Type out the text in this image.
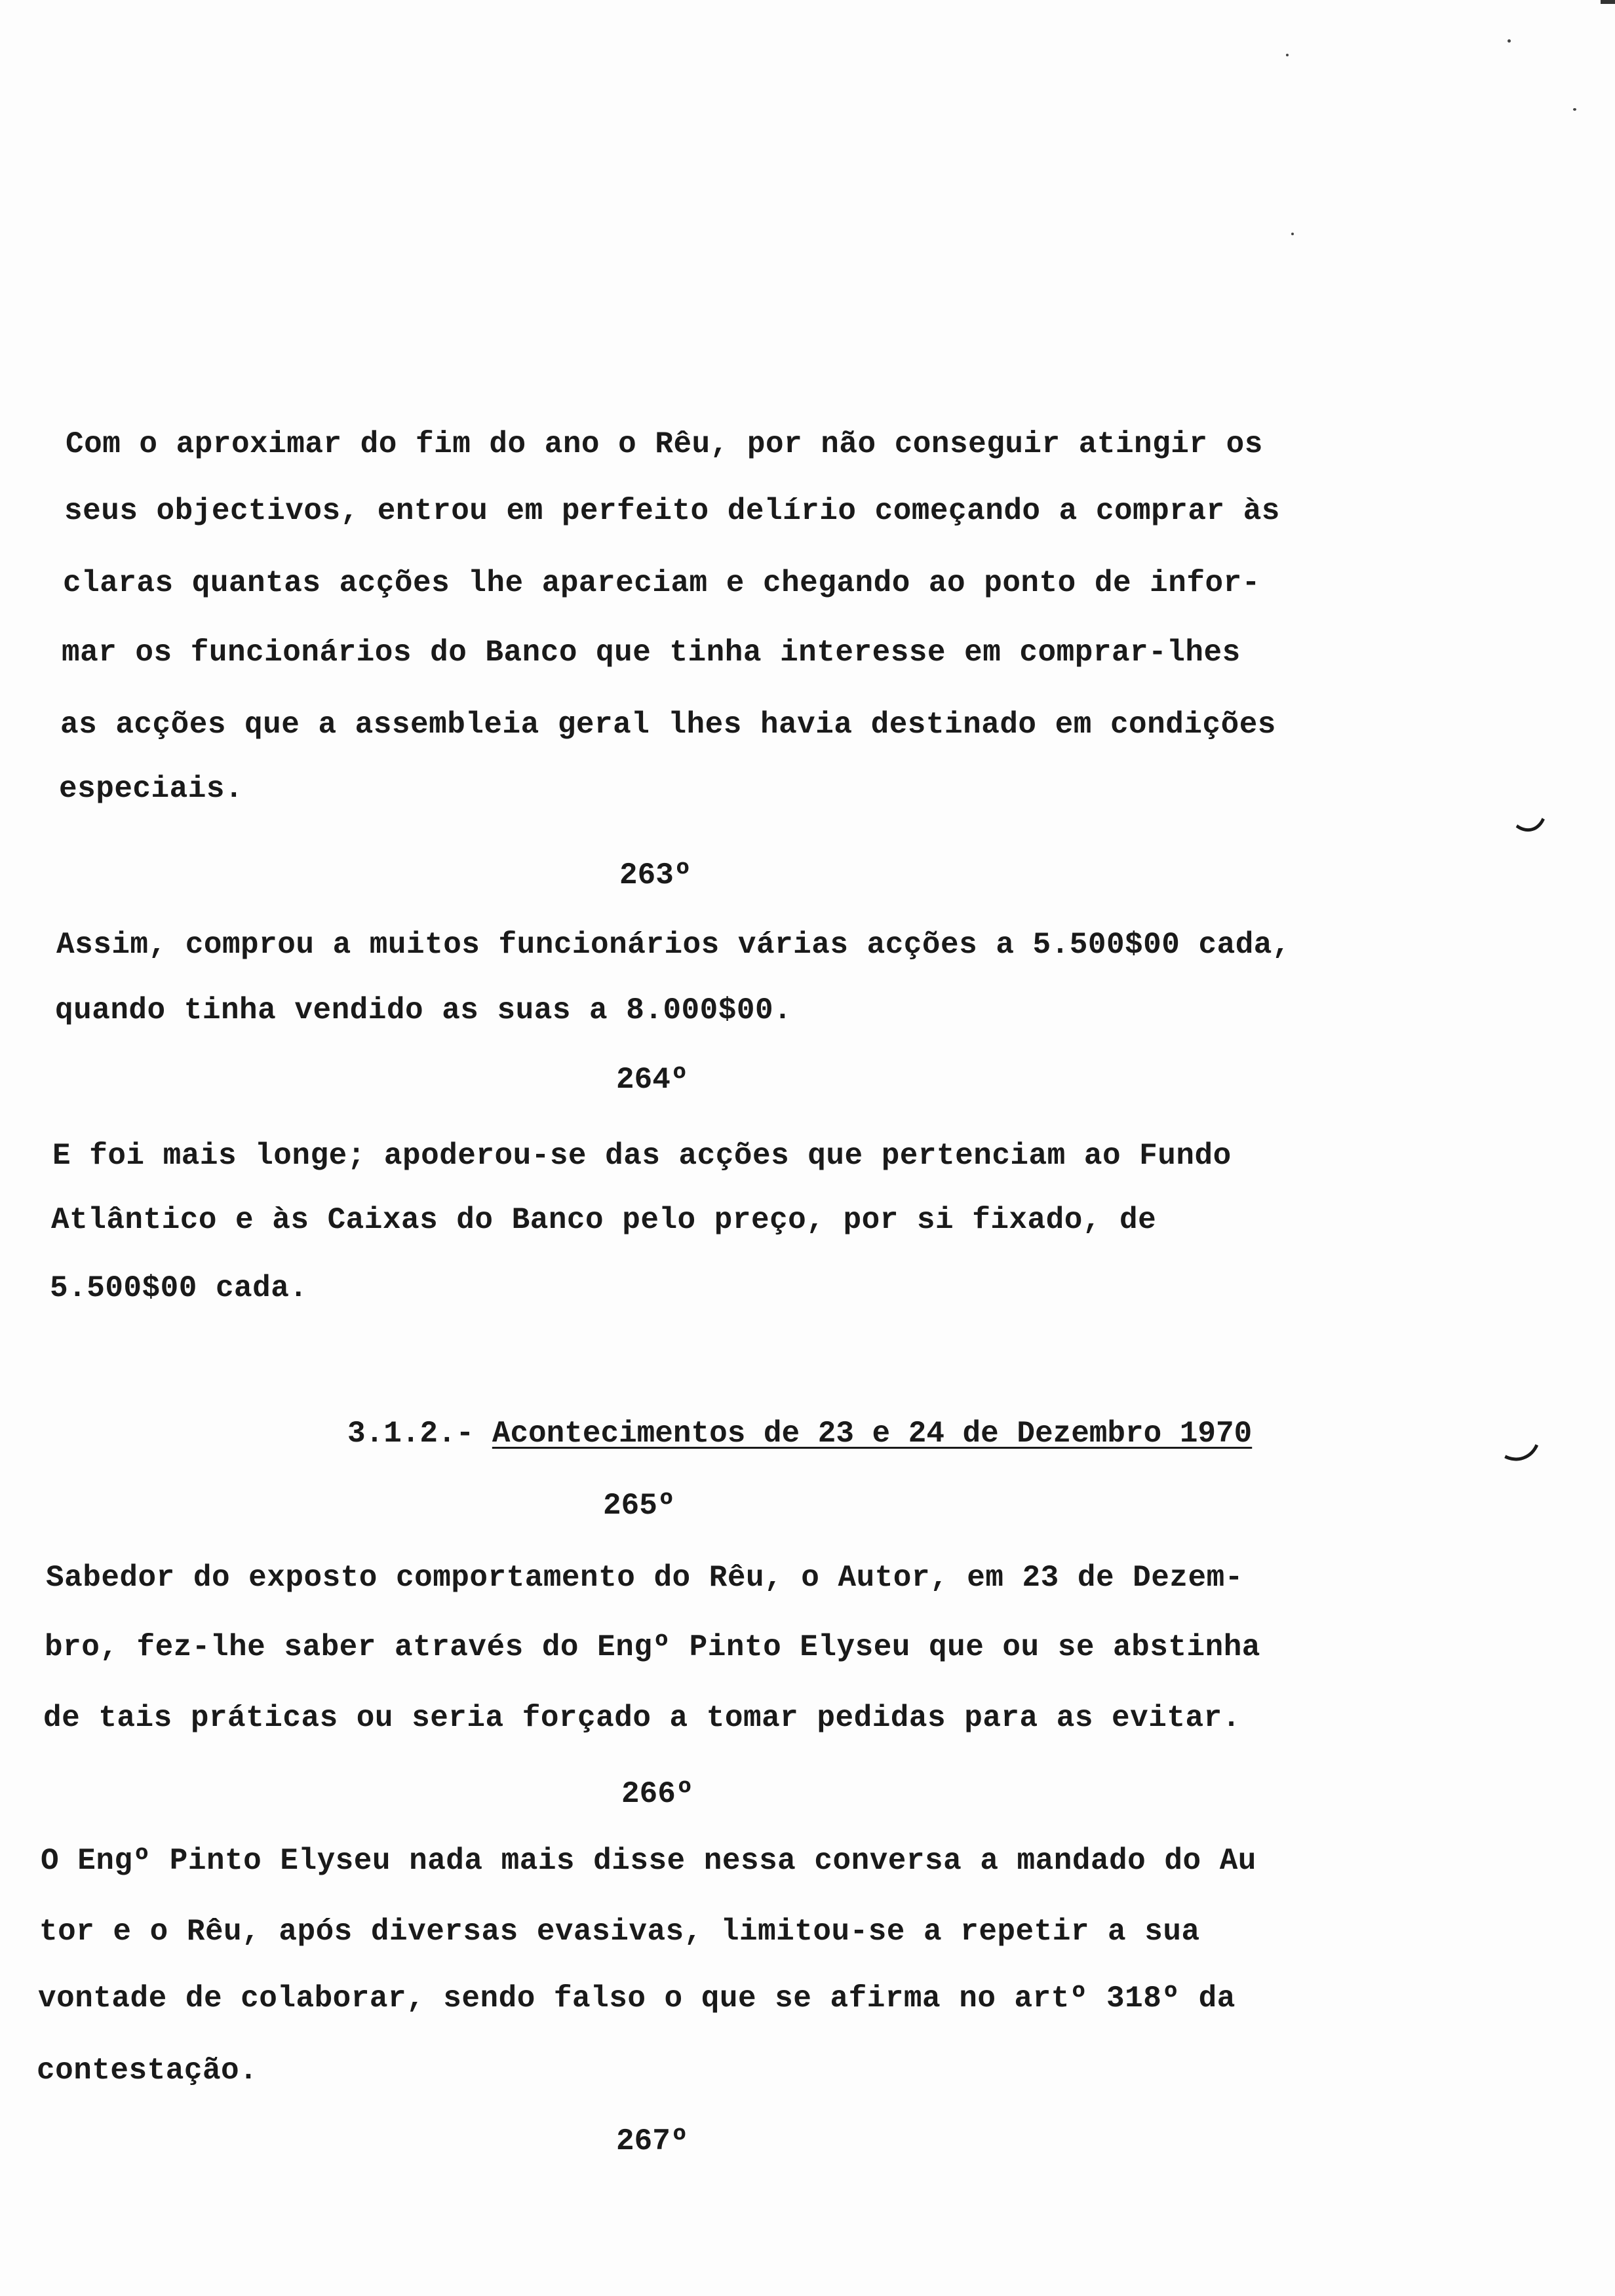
Com o aproximar do fim do ano o Rêu, por não conseguir atingir os
seus objectivos, entrou em perfeito delírio começando a comprar às
claras quantas acções lhe apareciam e chegando ao ponto de infor-
mar os funcionários do Banco que tinha interesse em comprar-lhes
as acções que a assembleia geral lhes havia destinado em condições
especiais.
263º
Assim, comprou a muitos funcionários várias acções a 5.500$00 cada,
quando tinha vendido as suas a 8.000$00.
264º
E foi mais longe; apoderou-se das acções que pertenciam ao Fundo
Atlântico e às Caixas do Banco pelo preço, por si fixado, de
5.500$00 cada.
3.1.2.- Acontecimentos de 23 e 24 de Dezembro 1970
265º
Sabedor do exposto comportamento do Rêu, o Autor, em 23 de Dezem-
bro, fez-lhe saber através do Engº Pinto Elyseu que ou se abstinha
de tais práticas ou seria forçado a tomar pedidas para as evitar.
266º
O Engº Pinto Elyseu nada mais disse nessa conversa a mandado do Au
tor e o Rêu, após diversas evasivas, limitou-se a repetir a sua
vontade de colaborar, sendo falso o que se afirma no artº 318º da
contestação.
267º
